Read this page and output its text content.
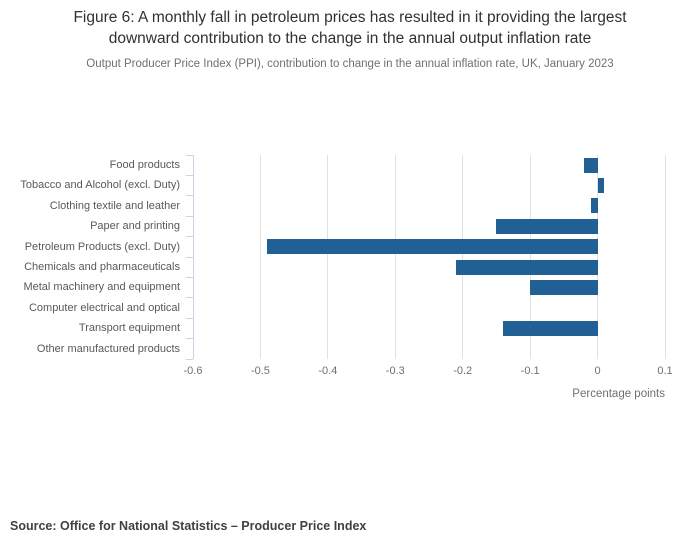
Figure 6: A monthly fall in petroleum prices has resulted in it providing the largest downward contribution to the change in the annual output inflation rate

Output Producer Price Index (PPI), contribution to change in the annual inflation rate, UK, January 2023

Food products
Tobacco and Alcohol (excl. Duty)
Clothing textile and leather
Paper and printing
Petroleum Products (excl. Duty)
Chemicals and pharmaceuticals
Metal machinery and equipment
Computer electrical and optical
Transport equipment
Other manufactured products
-0.6	-0.5	-0.4	-0.3	-0.2	-0.1	0	0.1
Percentage points
Source: Office for National Statistics – Producer Price Index
